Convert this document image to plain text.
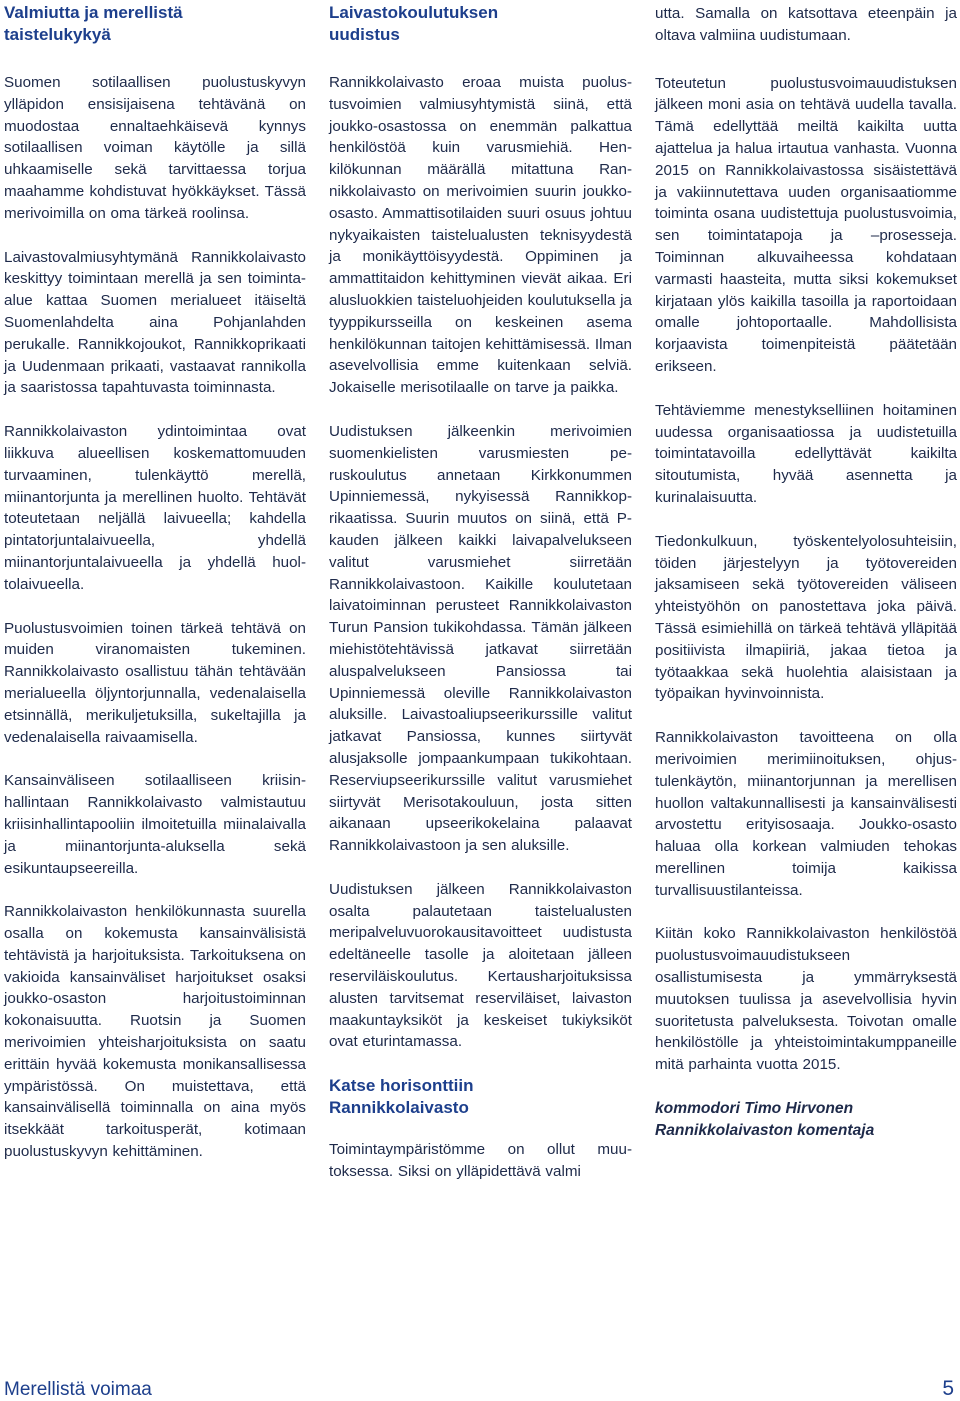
Valmiutta ja merellistä
taistelukykyä

Suomen sotilaallisen puolustuskyvyn ylläpidon ensisijaisena tehtävänä on muodostaa ennaltaehkäisevä kynnys sotilaallisen voiman käytölle ja sillä uhkaamiselle sekä tarvittaessa torjua maahamme kohdistuvat hyökkäykset. Tässä merivoimilla on oma tärkeä roolinsa.

Laivastovalmiusyhtymänä Rannikkolaivasto keskittyy toimintaan merellä ja sen toiminta-alue kattaa Suomen merialueet itäiseltä Suomenlahdelta aina Pohjanlahden perukalle. Rannikkojoukot, Rannikkoprikaati ja Uudenmaan prikaati, vastaavat rannikolla ja saaristossa tapahtuvasta toiminnasta.

Rannikkolaivaston ydintoimintaa ovat liikkuva alueellisen koskemattomuuden turvaaminen, tulenkäyttö merellä, miinantorjunta ja merellinen huolto. Tehtävät toteutetaan neljällä laivueella; kahdella pintatorjuntalaivueella, yhdellä miinantorjuntalaivueella ja yhdellä huoltolaivueella.

Puolustusvoimien toinen tärkeä tehtävä on muiden viranomaisten tukeminen. Rannikkolaivasto osallistuu tähän tehtävään merialueella öljyntorjunnalla, vedenalaisella etsinnällä, merikuljetuksilla, sukeltajilla ja vedenalaisella raivaamisella.

Kansainväliseen sotilaalliseen kriisinhallintaan Rannikkolaivasto valmistautuu kriisinhallintapooliin ilmoitetuilla miinalaivalla ja miinantorjunta-aluksella sekä esikuntaupseereilla.

Rannikkolaivaston henkilökunnasta suurella osalla on kokemusta kansainvälisistä tehtävistä ja harjoituksista. Tarkoituksena on vakioida kansainväliset harjoitukset osaksi joukko-osaston harjoitustoiminnan kokonaisuutta. Ruotsin ja Suomen merivoimien yhteisharjoituksista on saatu erittäin hyvää kokemusta monikansallisessa ympäristössä. On muistettava, että kansainvälisellä toiminnalla on aina myös itsekkäät tarkoitusperät, kotimaan puolustuskyvyn kehittäminen.

Laivastokoulutuksen
uudistus

Rannikkolaivasto eroaa muista puolustusvoimien valmiusyhtymistä siinä, että joukko-osastossa on enemmän palkattua henkilöstöä kuin varusmiehiä. Henkilökunnan määrällä mitattuna Rannikkolaivasto on merivoimien suurin joukko-osasto. Ammattisotilaiden suuri osuus johtuu nykyaikaisten taistelualusten teknisyydestä ja monikäyttöisyydestä. Oppiminen ja ammattitaidon kehittyminen vievät aikaa. Eri alusluokkien taisteluohjeiden koulutuksella ja tyyppikursseilla on keskeinen asema henkilökunnan taitojen kehittämisessä. Ilman asevelvollisia emme kuitenkaan selviä. Jokaiselle merisotilaalle on tarve ja paikka.

Uudistuksen jälkeenkin merivoimien suomenkielisten varusmiesten peruskoulutus annetaan Kirkkonummen Upinniemessä, nykyisessä Rannikkoprikaatissa. Suurin muutos on siinä, että P-kauden jälkeen kaikki laivapalvelukseen valitut varusmiehet siirretään Rannikkolaivastoon. Kaikille koulutetaan laivatoiminnan perusteet Rannikkolaivaston Turun Pansion tukikohdassa. Tämän jälkeen miehistötehtävissä jatkavat siirretään aluspalvelukseen Pansiossa tai Upinniemessä oleville Rannikkolaivaston aluksille. Laivastoaliupseerikurssille valitut jatkavat Pansiossa, kunnes siirtyvät alusjaksolle jompaankumpaan tukikohtaan. Reserviupseerikurssille valitut varusmiehet siirtyvät Merisotakouluun, josta sitten aikanaan upseerikokelaina palaavat Rannikkolaivastoon ja sen aluksille.

Uudistuksen jälkeen Rannikkolaivaston osalta palautetaan taistelualusten meripalveluvuorokausitavoitteet uudistusta edeltäneelle tasolle ja aloitetaan jälleen reserviläiskoulutus. Kertausharjoituksissa alusten tarvitsemat reserviläiset, laivaston maakuntayksiköt ja keskeiset tukiyksiköt ovat eturintamassa.

Katse horisonttiin
Rannikkolaivasto

Toimintaympäristömme on ollut muutoksessa. Siksi on ylläpidettävä valmi

utta. Samalla on katsottava eteenpäin ja oltava valmiina uudistumaan.

Toteutetun puolustusvoimauudistuksen jälkeen moni asia on tehtävä uudella tavalla. Tämä edellyttää meiltä kaikilta uutta ajattelua ja halua irtautua vanhasta. Vuonna 2015 on Rannikkolaivastossa sisäistettävä ja vakiinnutettava uuden organisaatiomme toiminta osana uudistettuja puolustusvoimia, sen toimintatapoja ja –prosesseja. Toiminnan alkuvaiheessa kohdataan varmasti haasteita, mutta siksi kokemukset kirjataan ylös kaikilla tasoilla ja raportoidaan omalle johtoportaalle. Mahdollisista korjaavista toimenpiteistä päätetään erikseen.

Tehtäviemme menestykselliinen hoitaminen uudessa organisaatiossa ja uudistetuilla toimintatavoilla edellyttävät kaikilta sitoutumista, hyvää asennetta ja kurinalaisuutta.

Tiedonkulkuun, työskentelyolosuhteisiin, töiden järjestelyyn ja työtovereiden jaksamiseen sekä työtovereiden väliseen yhteistyöhön on panostettava joka päivä. Tässä esimiehillä on tärkeä tehtävä ylläpitää positiivista ilmapiiriä, jakaa tietoa ja työtaakkaa sekä huolehtia alaisistaan ja työpaikan hyvinvoinnista.

Rannikkolaivaston tavoitteena on olla merivoimien merimiinoituksen, ohjustulenkäytön, miinantorjunnan ja merellisen huollon valtakunnallisesti ja kansainvälisesti arvostettu erityisosaaja. Joukko-osasto haluaa olla korkean valmiuden tehokas merellinen toimija kaikissa turvallisuustilanteissa.

Kiitän koko Rannikkolaivaston henkilöstöä puolustusvoimauudistukseen osallistumisesta ja ymmärryksestä muutoksen tuulissa ja asevelvollisia hyvin suoritetusta palveluksesta. Toivotan omalle henkilöstölle ja yhteistoimintakumppaneille mitä parhainta vuotta 2015.

kommodori Timo Hirvonen
Rannikkolaivaston komentaja
Merellistä voimaa	5
